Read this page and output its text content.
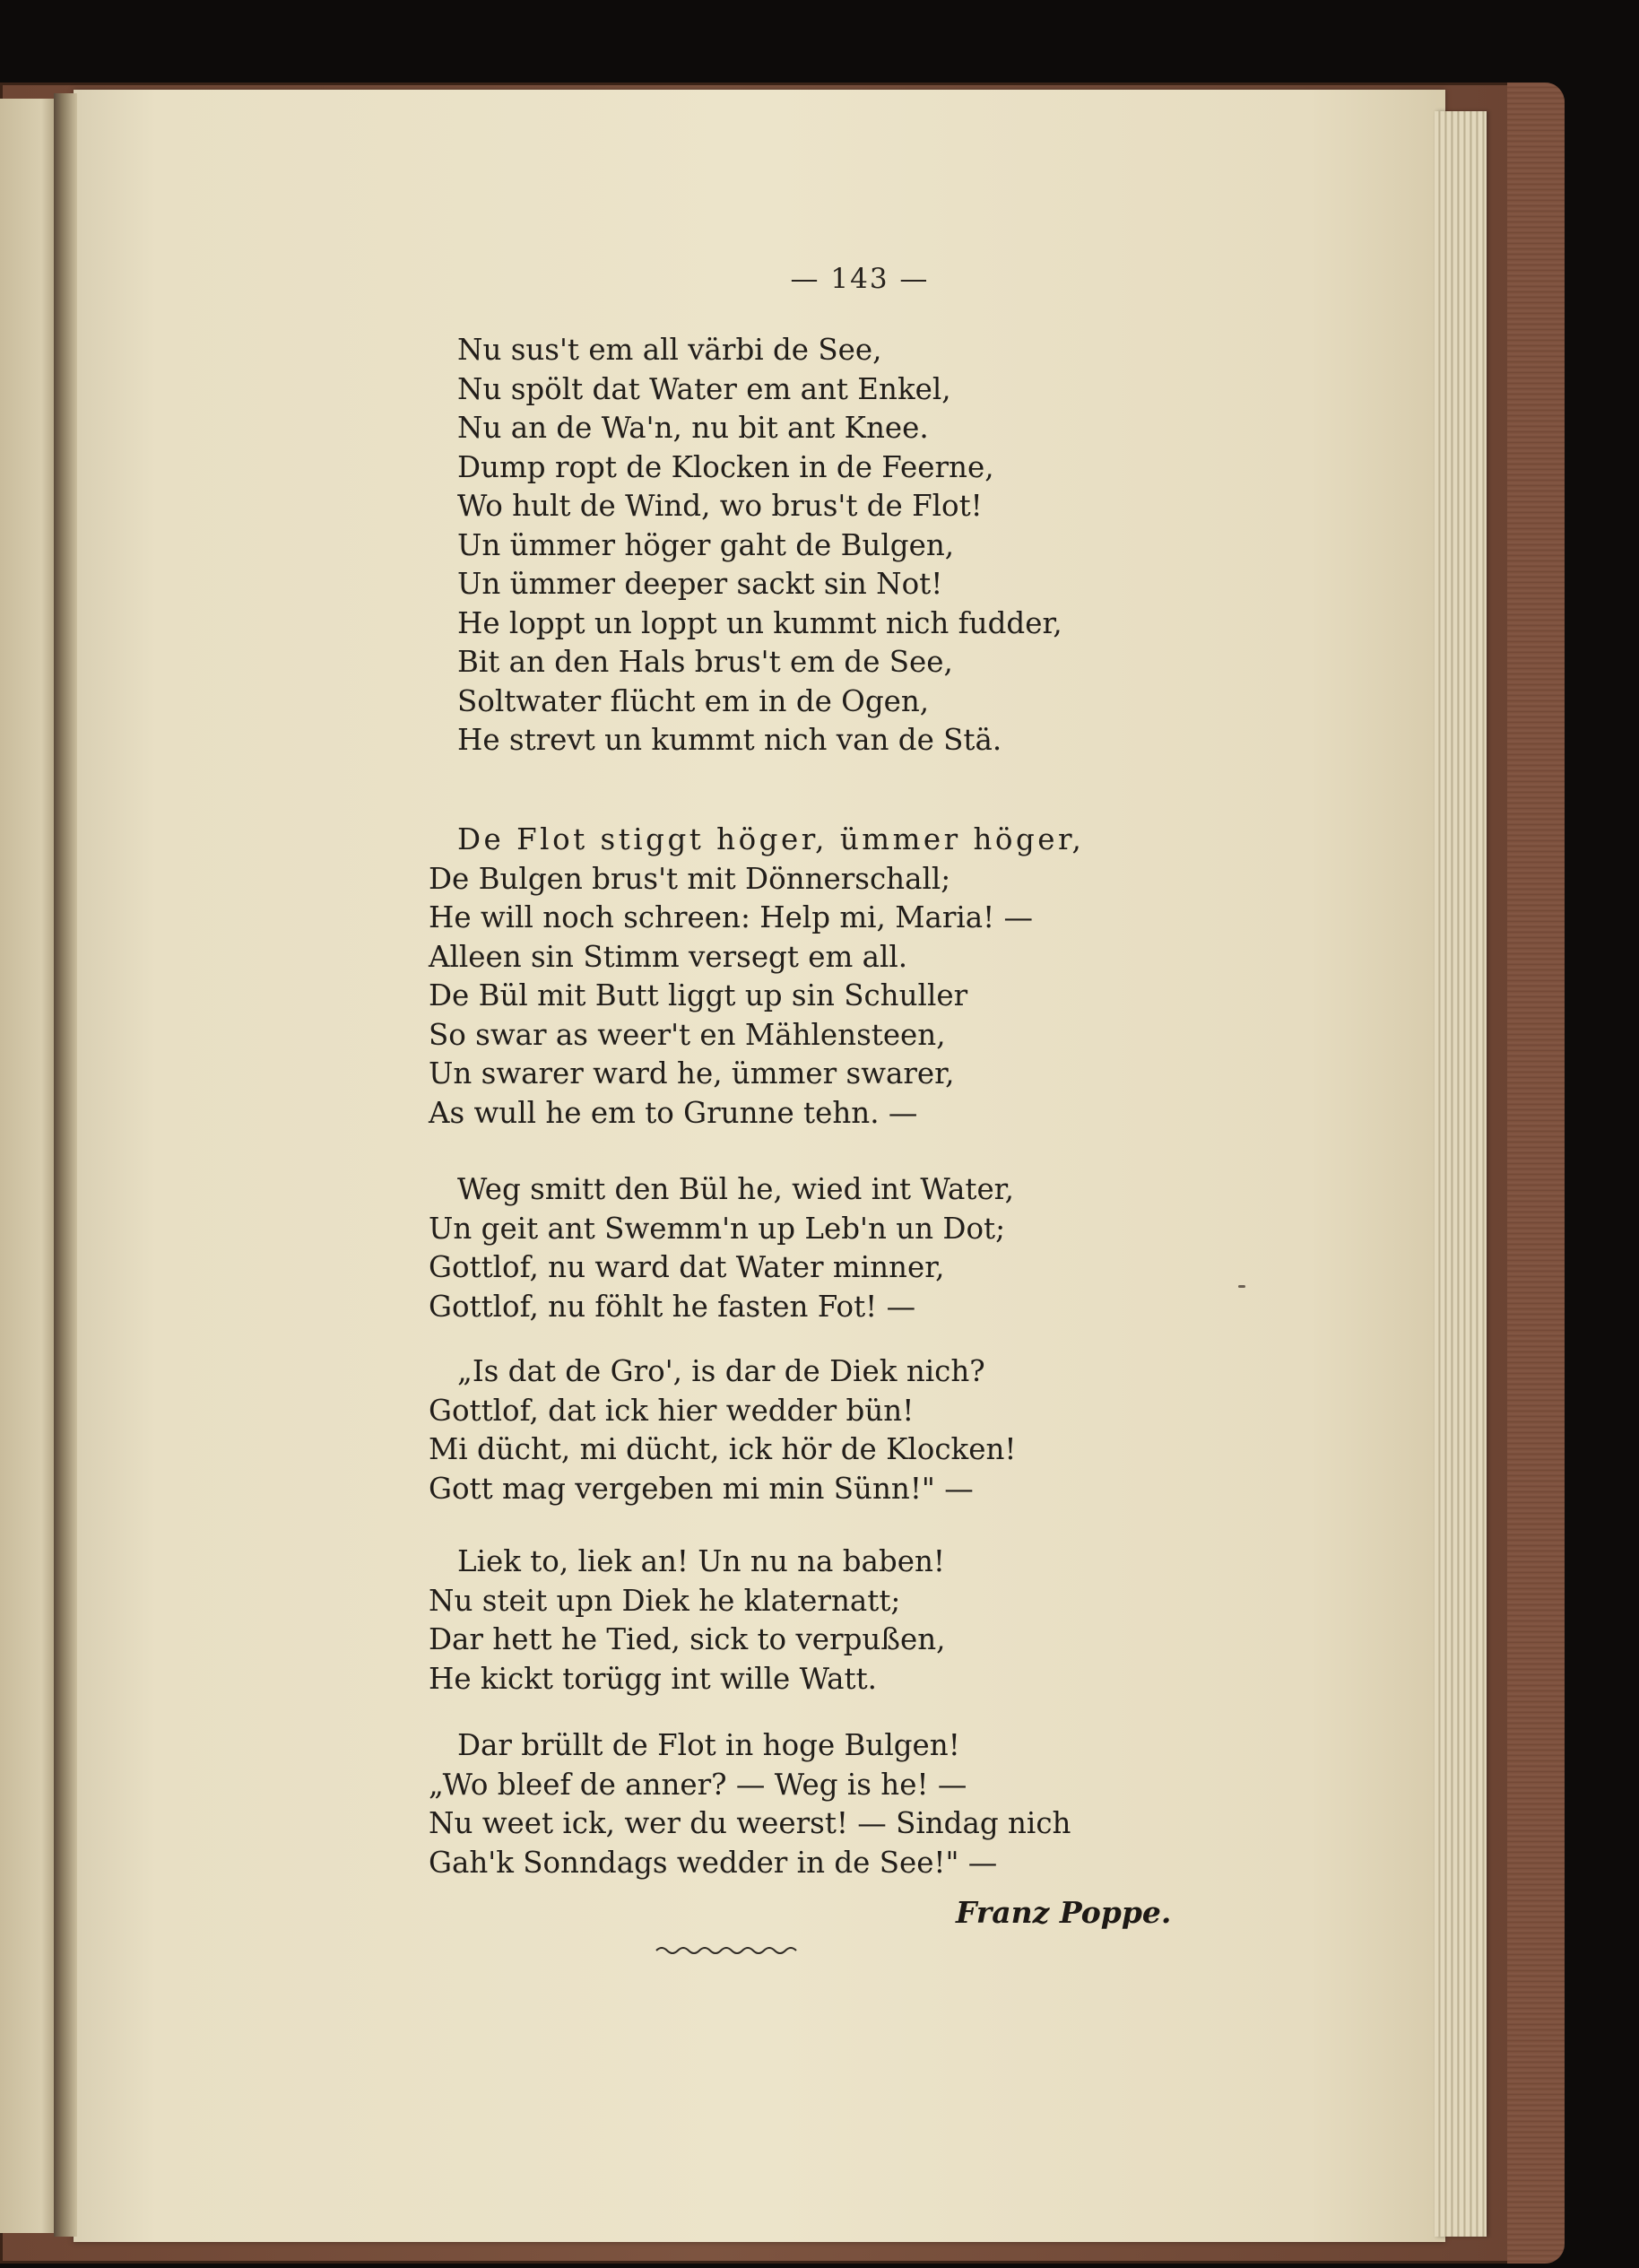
— 143 —
Nu sus't em all värbi de See,
Nu spölt dat Water em ant Enkel,
Nu an de Wa'n, nu bit ant Knee.
Dump ropt de Klocken in de Feerne,
Wo hult de Wind, wo brus't de Flot!
Un ümmer höger gaht de Bulgen,
Un ümmer deeper sackt sin Not!
He loppt un loppt un kummt nich fudder,
Bit an den Hals brus't em de See,
Soltwater flücht em in de Ogen,
He strevt un kummt nich van de Stä.
De Flot stiggt höger, ümmer höger,
De Bulgen brus't mit Dönnerschall;
He will noch schreen: Help mi, Maria! —
Alleen sin Stimm versegt em all.
De Bül mit Butt liggt up sin Schuller
So swar as weer't en Mählensteen,
Un swarer ward he, ümmer swarer,
As wull he em to Grunne tehn. —
Weg smitt den Bül he, wied int Water,
Un geit ant Swemm'n up Leb'n un Dot;
Gottlof, nu ward dat Water minner,
Gottlof, nu föhlt he fasten Fot! —
„Is dat de Gro', is dar de Diek nich?
Gottlof, dat ick hier wedder bün!
Mi dücht, mi dücht, ick hör de Klocken!
Gott mag vergeben mi min Sünn!" —
Liek to, liek an! Un nu na baben!
Nu steit upn Diek he klaternatt;
Dar hett he Tied, sick to verpußen,
He kickt torügg int wille Watt.
Dar brüllt de Flot in hoge Bulgen!
„Wo bleef de anner? — Weg is he! —
Nu weet ick, wer du weerst! — Sindag nich
Gah'k Sonndags wedder in de See!" —
Franz Poppe.
